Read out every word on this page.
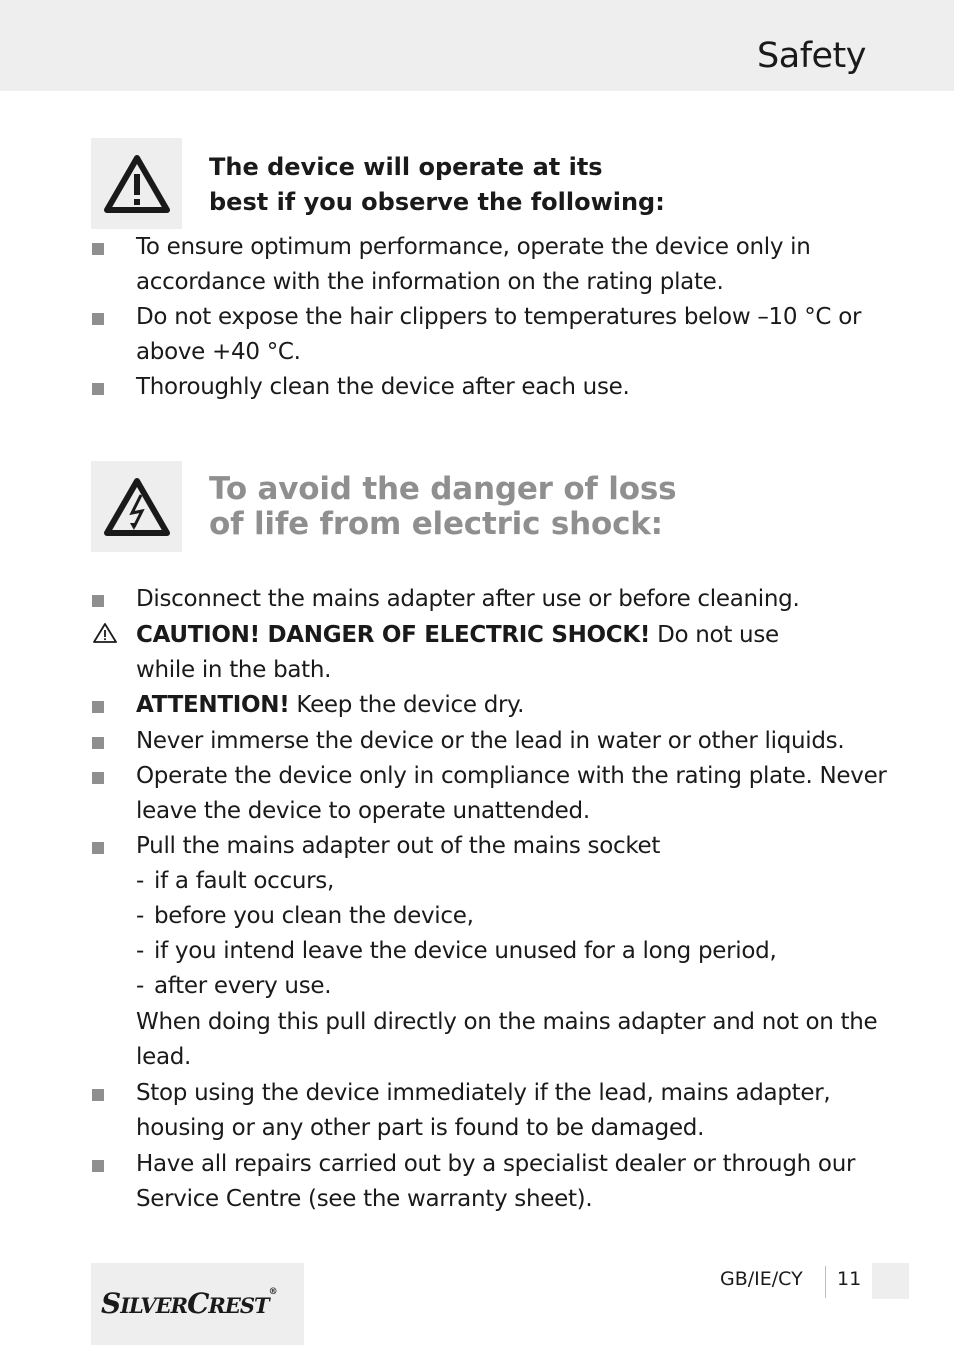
Safety
The device will operate at its
best if you observe the following:
To ensure optimum performance, operate the device only in
accordance with the information on the rating plate.
Do not expose the hair clippers to temperatures below –10 °C or
above +40 °C.
Thoroughly clean the device after each use.
To avoid the danger of loss
of life from electric shock:
Disconnect the mains adapter after use or before cleaning.
CAUTION! DANGER OF ELECTRIC SHOCK! Do not use
while in the bath.
ATTENTION! Keep the device dry.
Never immerse the device or the lead in water or other liquids.
Operate the device only in compliance with the rating plate. Never
leave the device to operate unattended.
Pull the mains adapter out of the mains socket
- if a fault occurs,
- before you clean the device,
- if you intend leave the device unused for a long period,
- after every use.
When doing this pull directly on the mains adapter and not on the
lead.
Stop using the device immediately if the lead, mains adapter,
housing or any other part is found to be damaged.
Have all repairs carried out by a specialist dealer or through our
Service Centre (see the warranty sheet).
SILVERCREST®
GB/IE/CY 11
